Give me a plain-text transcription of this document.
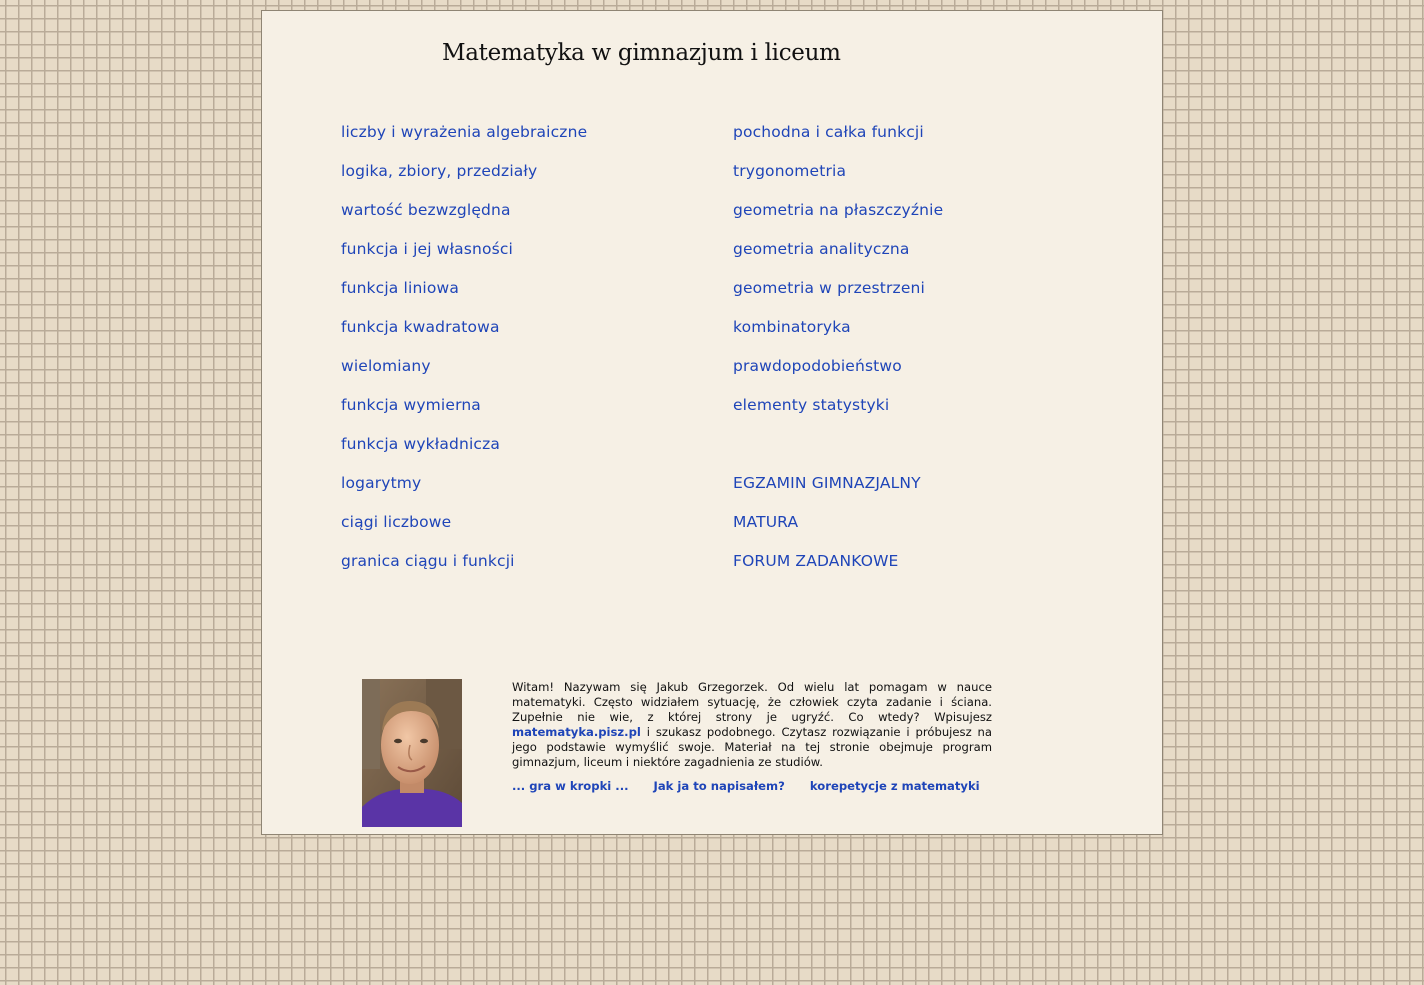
Matematyka w gimnazjum i liceum
liczby i wyrażenia algebraiczne
logika, zbiory, przedziały
wartość bezwzględna
funkcja i jej własności
funkcja liniowa
funkcja kwadratowa
wielomiany
funkcja wymierna
funkcja wykładnicza
logarytmy
ciągi liczbowe
granica ciągu i funkcji
pochodna i całka funkcji
trygonometria
geometria na płaszczyźnie
geometria analityczna
geometria w przestrzeni
kombinatoryka
prawdopodobieństwo
elementy statystyki
EGZAMIN GIMNAZJALNY
MATURA
FORUM ZADANKOWE

Witam! Nazywam się Jakub Grzegorzek. Od wielu lat pomagam w nauce matematyki. Często widziałem sytuację, że człowiek czyta zadanie i ściana. Zupełnie nie wie, z której strony je ugryźć. Co wtedy? Wpisujesz matematyka.pisz.pl i szukasz podobnego. Czytasz rozwiązanie i próbujesz na jego podstawie wymyślić swoje. Materiał na tej stronie obejmuje program gimnazjum, liceum i niektóre zagadnienia ze studiów.

... gra w kropki ... Jak ja to napisałem? korepetycje z matematyki
